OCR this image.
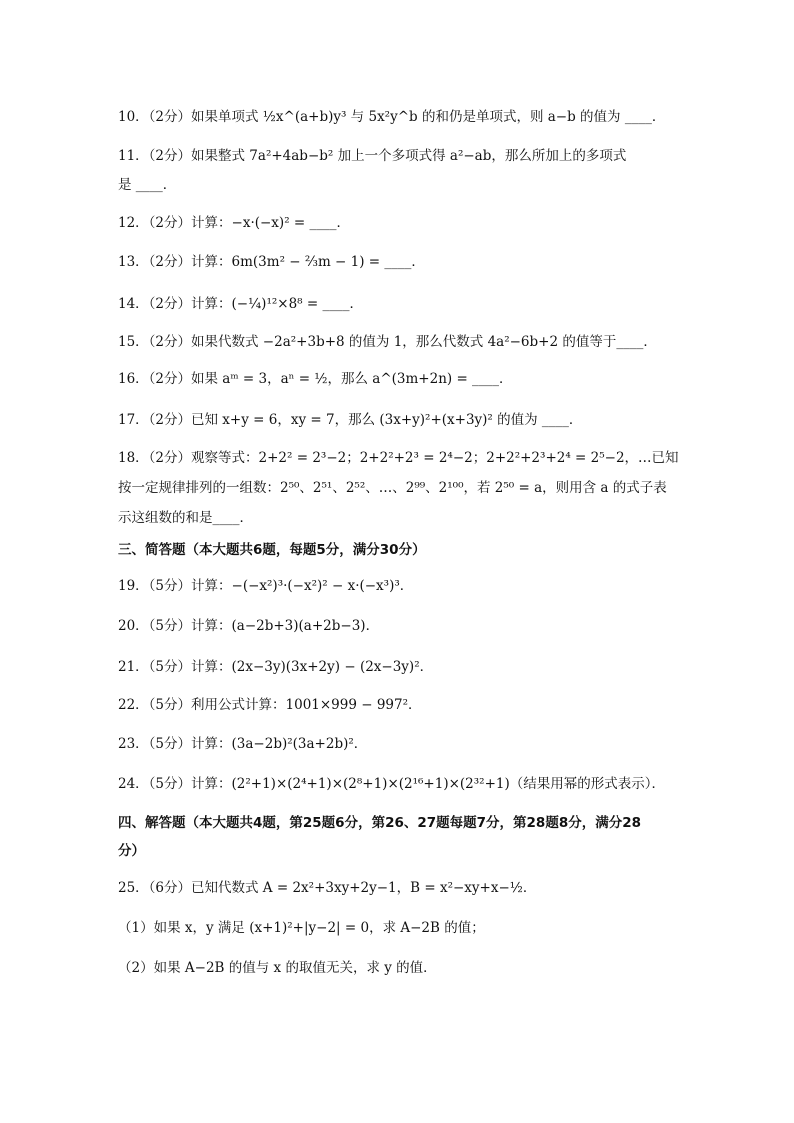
10．（2分）如果单项式 ½x^(a+b)y³ 与 5x²y^b 的和仍是单项式，则 a−b 的值为 ____．
11．（2分）如果整式 7a²+4ab−b² 加上一个多项式得 a²−ab，那么所加上的多项式
是 ____．
12．（2分）计算：−x·(−x)² = ____．
13．（2分）计算：6m(3m² − ⅔m − 1) = ____．
14．（2分）计算：(−¼)¹²×8⁸ = ____．
15．（2分）如果代数式 −2a²+3b+8 的值为 1，那么代数式 4a²−6b+2 的值等于____．
16．（2分）如果 aᵐ = 3，aⁿ = ½，那么 a^(3m+2n) = ____．
17．（2分）已知 x+y = 6，xy = 7，那么 (3x+y)²+(x+3y)² 的值为 ____．
18．（2分）观察等式：2+2² = 2³−2；2+2²+2³ = 2⁴−2；2+2²+2³+2⁴ = 2⁵−2，…已知
按一定规律排列的一组数：2⁵⁰、2⁵¹、2⁵²、…、2⁹⁹、2¹⁰⁰，若 2⁵⁰ = a，则用含 a 的式子表
示这组数的和是____．
三、简答题（本大题共6题，每题5分，满分30分）
19．（5分）计算：−(−x²)³·(−x²)² − x·(−x³)³．
20．（5分）计算：(a−2b+3)(a+2b−3)．
21．（5分）计算：(2x−3y)(3x+2y) − (2x−3y)²．
22．（5分）利用公式计算：1001×999 − 997²．
23．（5分）计算：(3a−2b)²(3a+2b)²．
24．（5分）计算：(2²+1)×(2⁴+1)×(2⁸+1)×(2¹⁶+1)×(2³²+1)（结果用幂的形式表示）．
四、解答题（本大题共4题，第25题6分，第26、27题每题7分，第28题8分，满分28
分）
25．（6分）已知代数式 A = 2x²+3xy+2y−1，B = x²−xy+x−½．
（1）如果 x，y 满足 (x+1)²+|y−2| = 0，求 A−2B 的值；
（2）如果 A−2B 的值与 x 的取值无关，求 y 的值．
